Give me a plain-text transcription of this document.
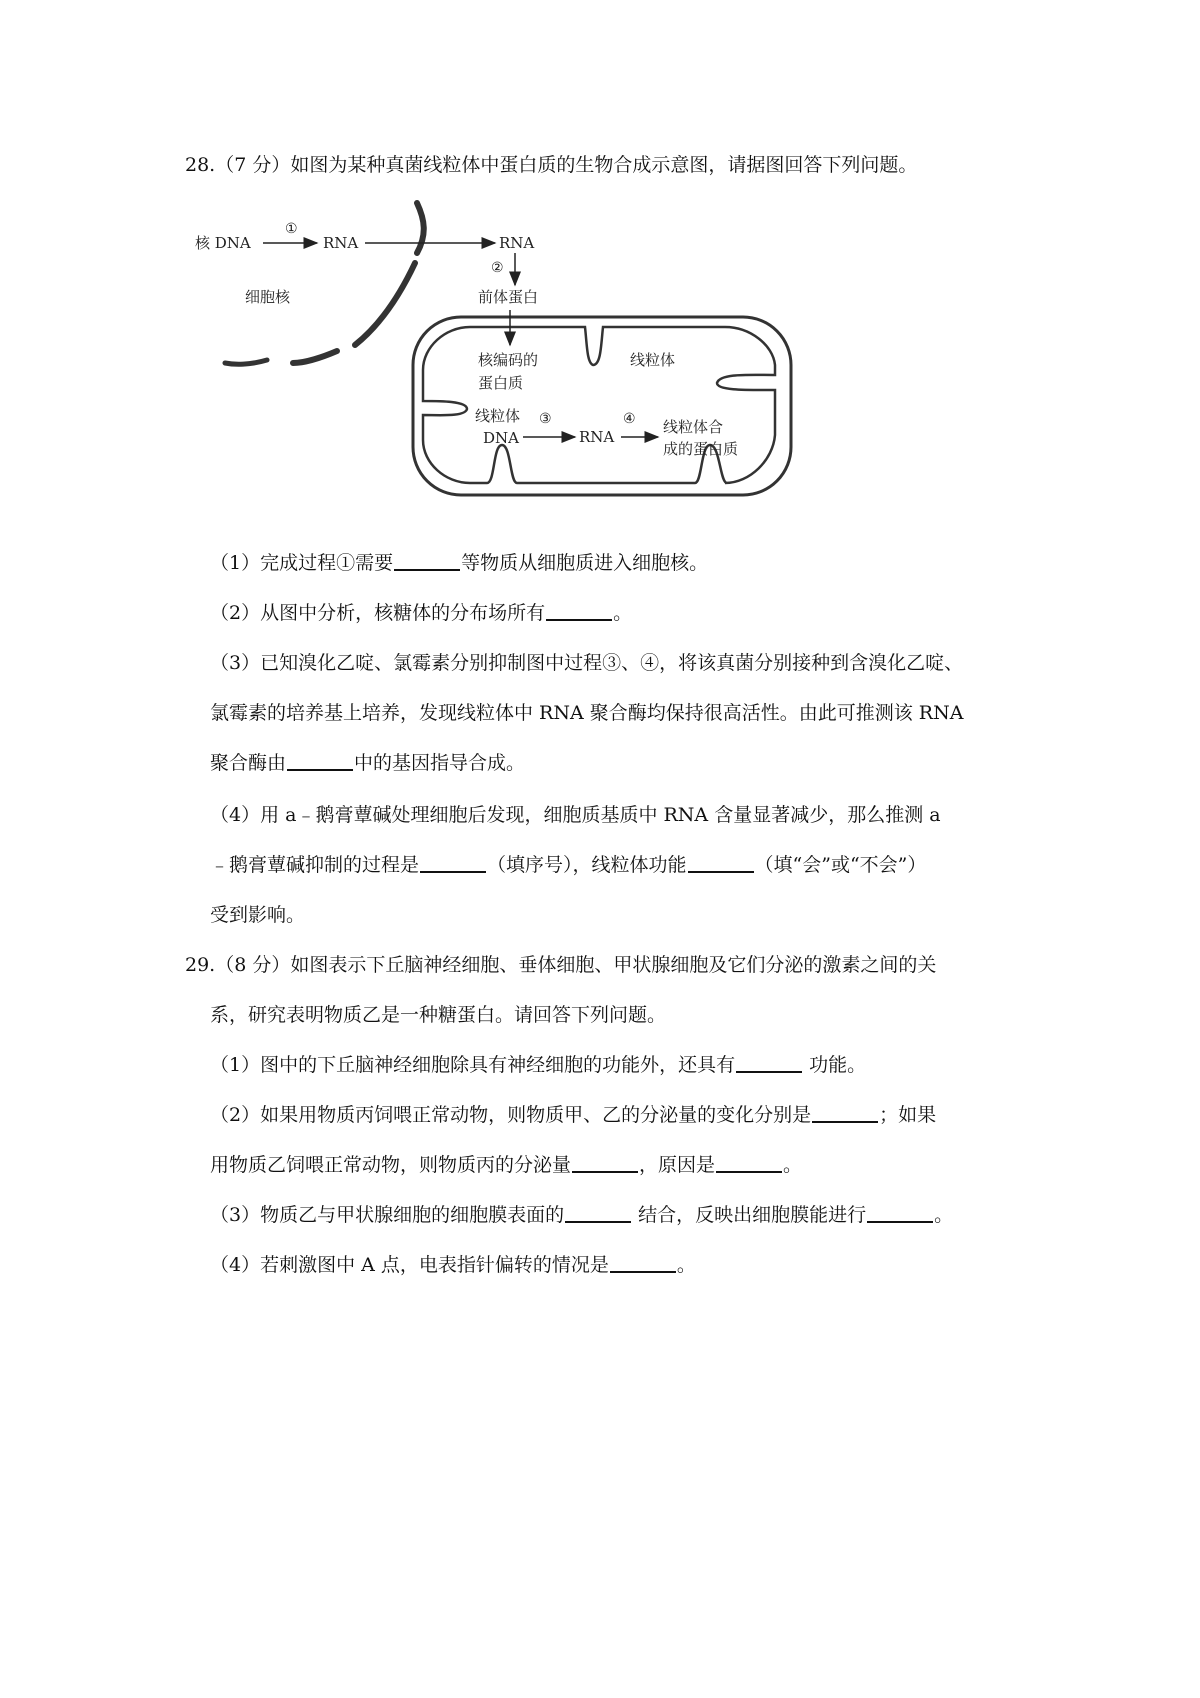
28.（7 分）如图为某种真菌线粒体中蛋白质的生物合成示意图，请据图回答下列问题。
核 DNA
①
RNA	RNA
②
细胞核	前体蛋白
核编码的
蛋白质
线粒体
线粒体
DNA
③
RNA
④ 线粒体合
成的蛋白质
（1）完成过程①需要	等物质从细胞质进入细胞核。
（2）从图中分析，核糖体的分布场所有	。
（3）已知溴化乙啶、氯霉素分别抑制图中过程③、④，将该真菌分别接种到含溴化乙啶、
氯霉素的培养基上培养，发现线粒体中 RNA 聚合酶均保持很高活性。由此可推测该 RNA
聚合酶由	中的基因指导合成。
（4）用 a﹣鹅膏蕈碱处理细胞后发现，细胞质基质中 RNA 含量显著减少，那么推测 a
﹣鹅膏蕈碱抑制的过程是	（填序号），线粒体功能	（填“会”或“不会”）
受到影响。
29.（8 分）如图表示下丘脑神经细胞、垂体细胞、甲状腺细胞及它们分泌的激素之间的关
系，研究表明物质乙是一种糖蛋白。请回答下列问题。
（1）图中的下丘脑神经细胞除具有神经细胞的功能外，还具有	功能。
（2）如果用物质丙饲喂正常动物，则物质甲、乙的分泌量的变化分别是	；如果
用物质乙饲喂正常动物，则物质丙的分泌量	，原因是	。
（3）物质乙与甲状腺细胞的细胞膜表面的	结合，反映出细胞膜能进行	。
（4）若刺激图中 A 点，电表指针偏转的情况是	。
